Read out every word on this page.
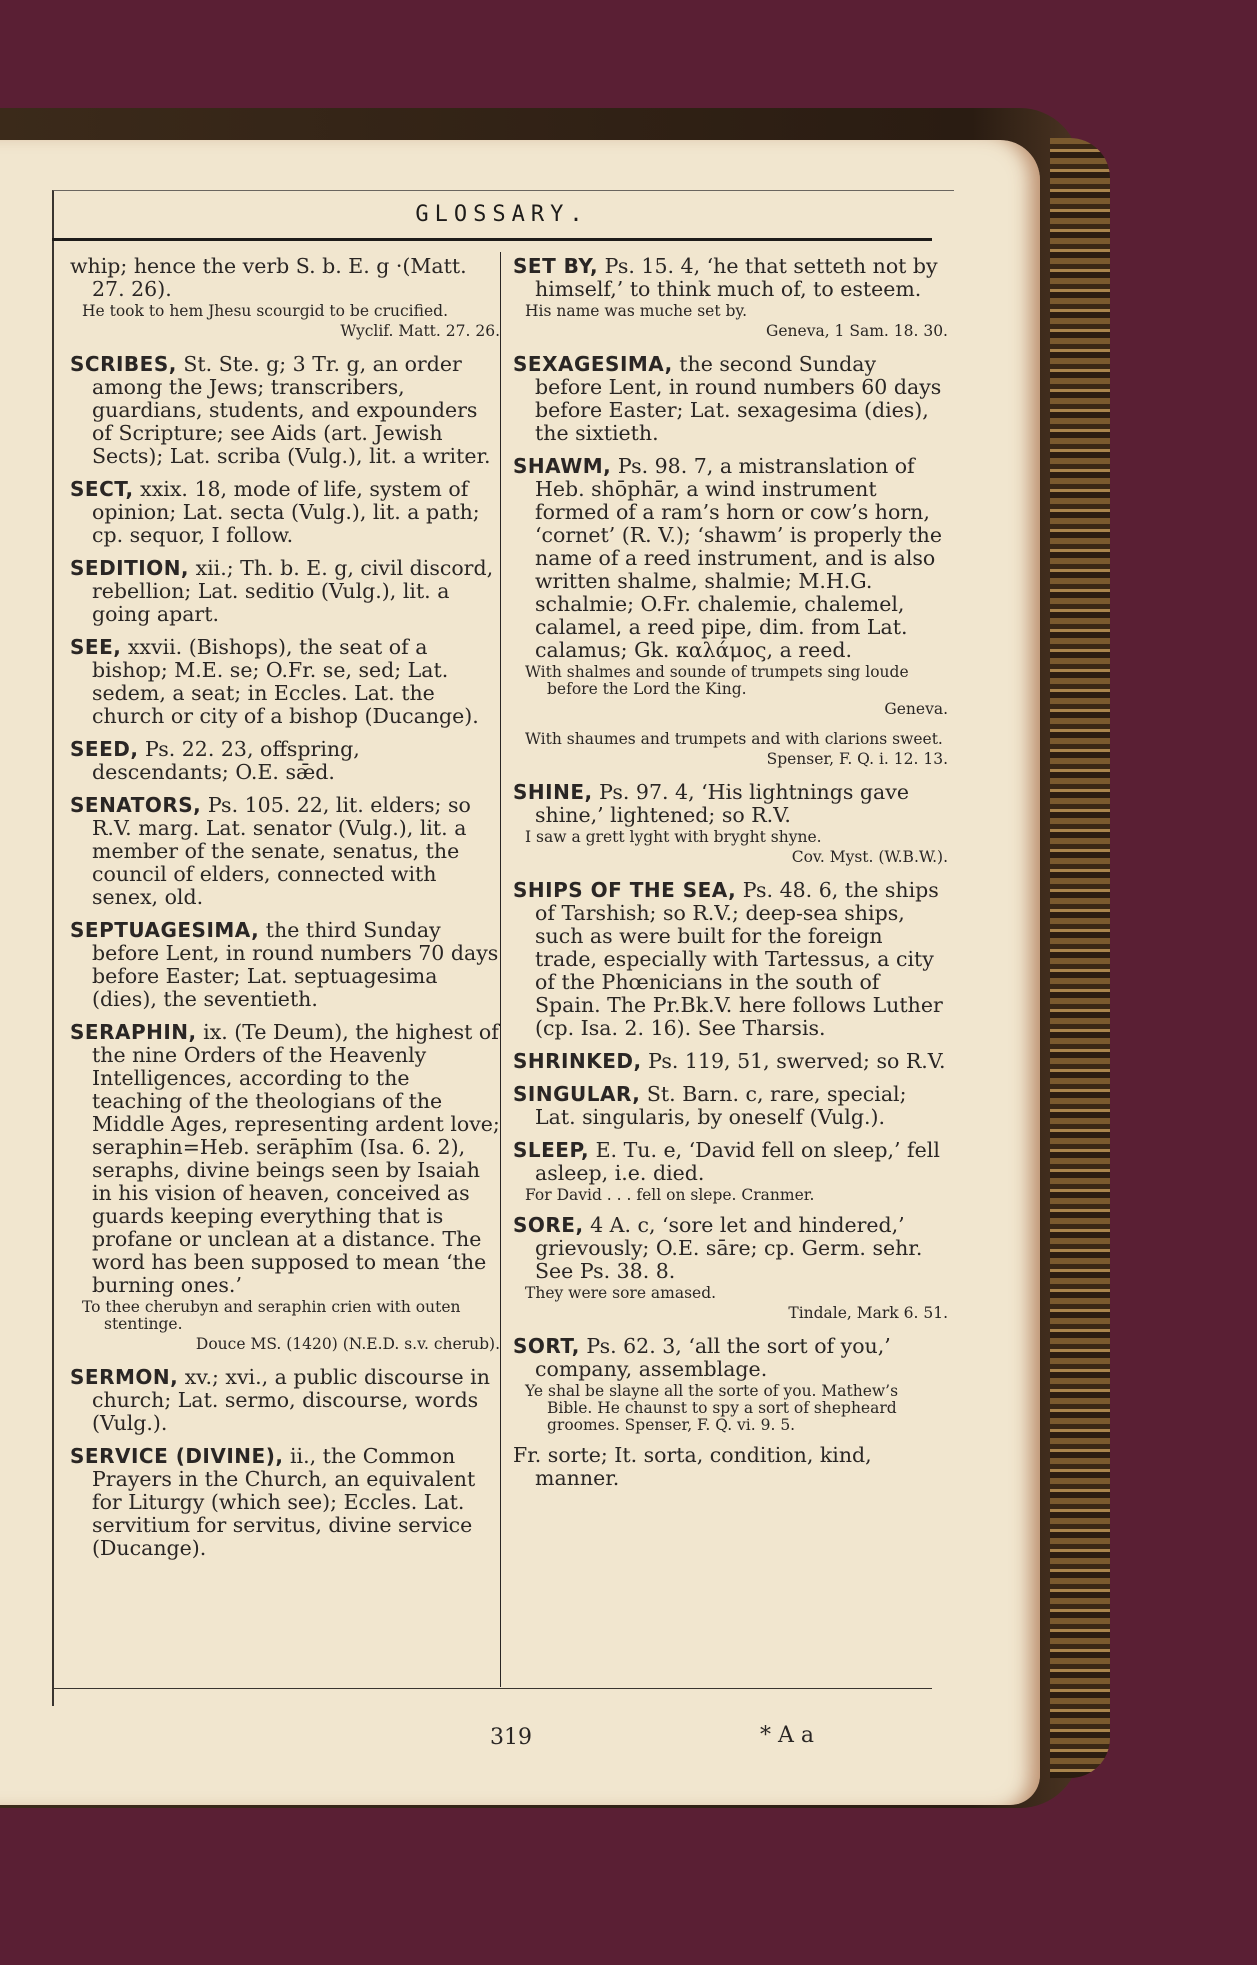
GLOSSARY.
whip; hence the verb S. b. E. g ·(Matt. 27. 26).
He took to hem Jhesu scourgid to be crucified.
Wyclif. Matt. 27. 26.
SCRIBES, St. Ste. g; 3 Tr. g, an order among the Jews; transcribers, guardians, students, and expounders of Scripture; see Aids (art. Jewish Sects); Lat. scriba (Vulg.), lit. a writer.
SECT, xxix. 18, mode of life, system of opinion; Lat. secta (Vulg.), lit. a path; cp. sequor, I follow.
SEDITION, xii.; Th. b. E. g, civil discord, rebellion; Lat. seditio (Vulg.), lit. a going apart.
SEE, xxvii. (Bishops), the seat of a bishop; M.E. se; O.Fr. se, sed; Lat. sedem, a seat; in Eccles. Lat. the church or city of a bishop (Ducange).
SEED, Ps. 22. 23, offspring, descendants; O.E. sǣd.
SENATORS, Ps. 105. 22, lit. elders; so R.V. marg. Lat. senator (Vulg.), lit. a member of the senate, senatus, the council of elders, connected with senex, old.
SEPTUAGESIMA, the third Sunday before Lent, in round numbers 70 days before Easter; Lat. septuagesima (dies), the seventieth.
SERAPHIN, ix. (Te Deum), the highest of the nine Orders of the Heavenly Intelligences, according to the teaching of the theologians of the Middle Ages, representing ardent love; seraphin=Heb. serāphīm (Isa. 6. 2), seraphs, divine beings seen by Isaiah in his vision of heaven, conceived as guards keeping everything that is profane or unclean at a distance. The word has been supposed to mean ‘the burning ones.’
To thee cherubyn and seraphin crien with outen stentinge.
Douce MS. (1420) (N.E.D. s.v. cherub).
SERMON, xv.; xvi., a public discourse in church; Lat. sermo, discourse, words (Vulg.).
SERVICE (DIVINE), ii., the Common Prayers in the Church, an equivalent for Liturgy (which see); Eccles. Lat. servitium for servitus, divine service (Ducange).
SET BY, Ps. 15. 4, ‘he that setteth not by himself,’ to think much of, to esteem.
His name was muche set by.
Geneva, 1 Sam. 18. 30.
SEXAGESIMA, the second Sunday before Lent, in round numbers 60 days before Easter; Lat. sexagesima (dies), the sixtieth.
SHAWM, Ps. 98. 7, a mistranslation of Heb. shōphār, a wind instrument formed of a ram’s horn or cow’s horn, ‘cornet’ (R. V.); ‘shawm’ is properly the name of a reed instrument, and is also written shalme, shalmie; M.H.G. schalmie; O.Fr. chalemie, chalemel, calamel, a reed pipe, dim. from Lat. calamus; Gk. καλάμος, a reed.
With shalmes and sounde of trumpets sing loude before the Lord the King.
Geneva.
With shaumes and trumpets and with clarions sweet.
Spenser, F. Q. i. 12. 13.
SHINE, Ps. 97. 4, ‘His lightnings gave shine,’ lightened; so R.V.
I saw a grett lyght with bryght shyne.
Cov. Myst. (W.B.W.).
SHIPS OF THE SEA, Ps. 48. 6, the ships of Tarshish; so R.V.; deep-sea ships, such as were built for the foreign trade, especially with Tartessus, a city of the Phœnicians in the south of Spain. The Pr.Bk.V. here follows Luther (cp. Isa. 2. 16). See Tharsis.
SHRINKED, Ps. 119, 51, swerved; so R.V.
SINGULAR, St. Barn. c, rare, special; Lat. singularis, by oneself (Vulg.).
SLEEP, E. Tu. e, ‘David fell on sleep,’ fell asleep, i.e. died.
For David . . . fell on slepe. Cranmer.
SORE, 4 A. c, ‘sore let and hindered,’ grievously; O.E. sāre; cp. Germ. sehr. See Ps. 38. 8.
They were sore amased.
Tindale, Mark 6. 51.
SORT, Ps. 62. 3, ‘all the sort of you,’ company, assemblage.
Ye shal be slayne all the sorte of you. Mathew’s Bible. He chaunst to spy a sort of shepheard groomes. Spenser, F. Q. vi. 9. 5.
Fr. sorte; It. sorta, condition, kind, manner.
319	* A a
